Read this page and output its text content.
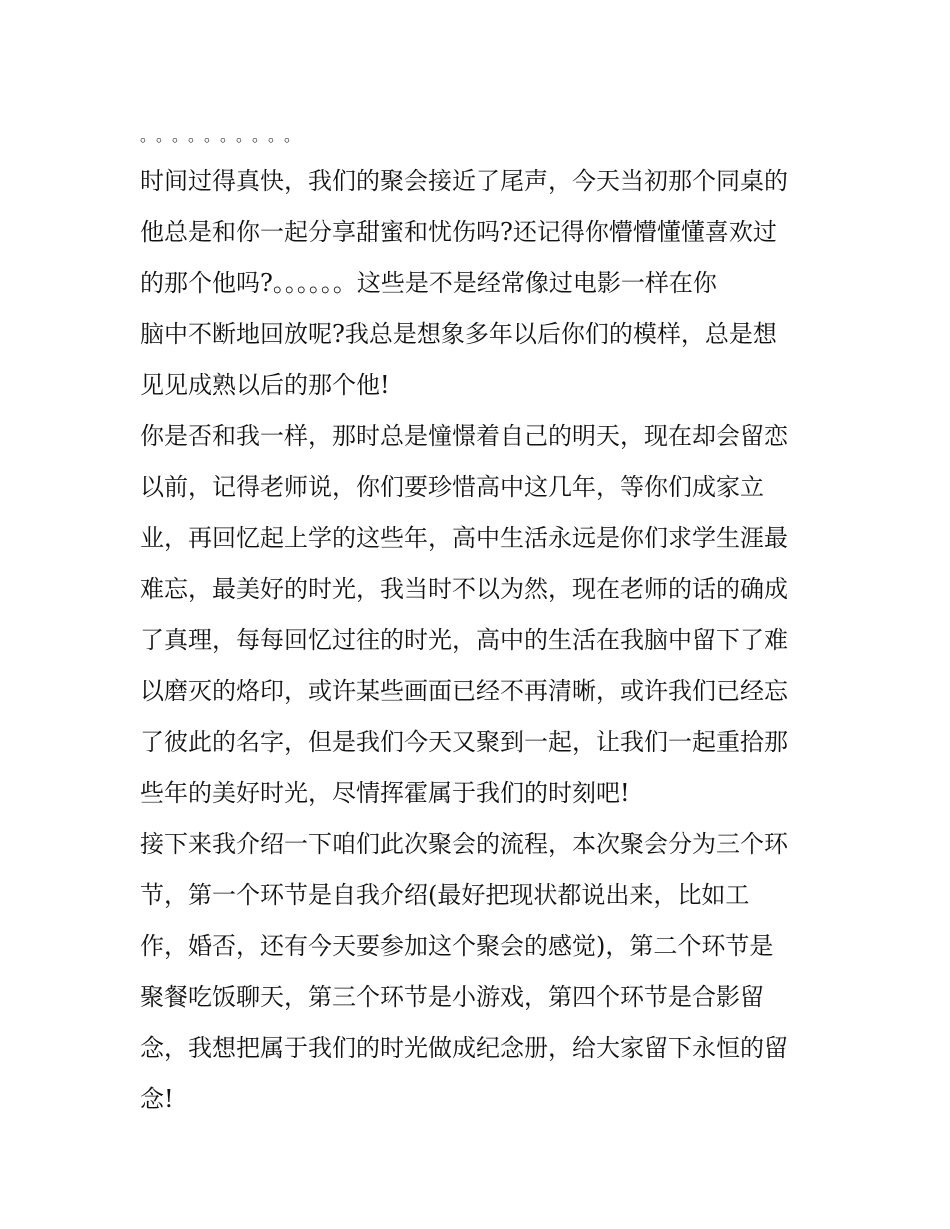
。。。。。。。。。。
时间过得真快，我们的聚会接近了尾声，今天当初那个同桌的
他总是和你一起分享甜蜜和忧伤吗?还记得你懵懵懂懂喜欢过
的那个他吗?。。。。。。这些是不是经常像过电影一样在你
脑中不断地回放呢?我总是想象多年以后你们的模样，总是想
见见成熟以后的那个他!
你是否和我一样，那时总是憧憬着自己的明天，现在却会留恋
以前，记得老师说，你们要珍惜高中这几年，等你们成家立
业，再回忆起上学的这些年，高中生活永远是你们求学生涯最
难忘，最美好的时光，我当时不以为然，现在老师的话的确成
了真理，每每回忆过往的时光，高中的生活在我脑中留下了难
以磨灭的烙印，或许某些画面已经不再清晰，或许我们已经忘
了彼此的名字，但是我们今天又聚到一起，让我们一起重拾那
些年的美好时光，尽情挥霍属于我们的时刻吧!
接下来我介绍一下咱们此次聚会的流程，本次聚会分为三个环
节，第一个环节是自我介绍(最好把现状都说出来，比如工
作，婚否，还有今天要参加这个聚会的感觉)，第二个环节是
聚餐吃饭聊天，第三个环节是小游戏，第四个环节是合影留
念，我想把属于我们的时光做成纪念册，给大家留下永恒的留
念!
